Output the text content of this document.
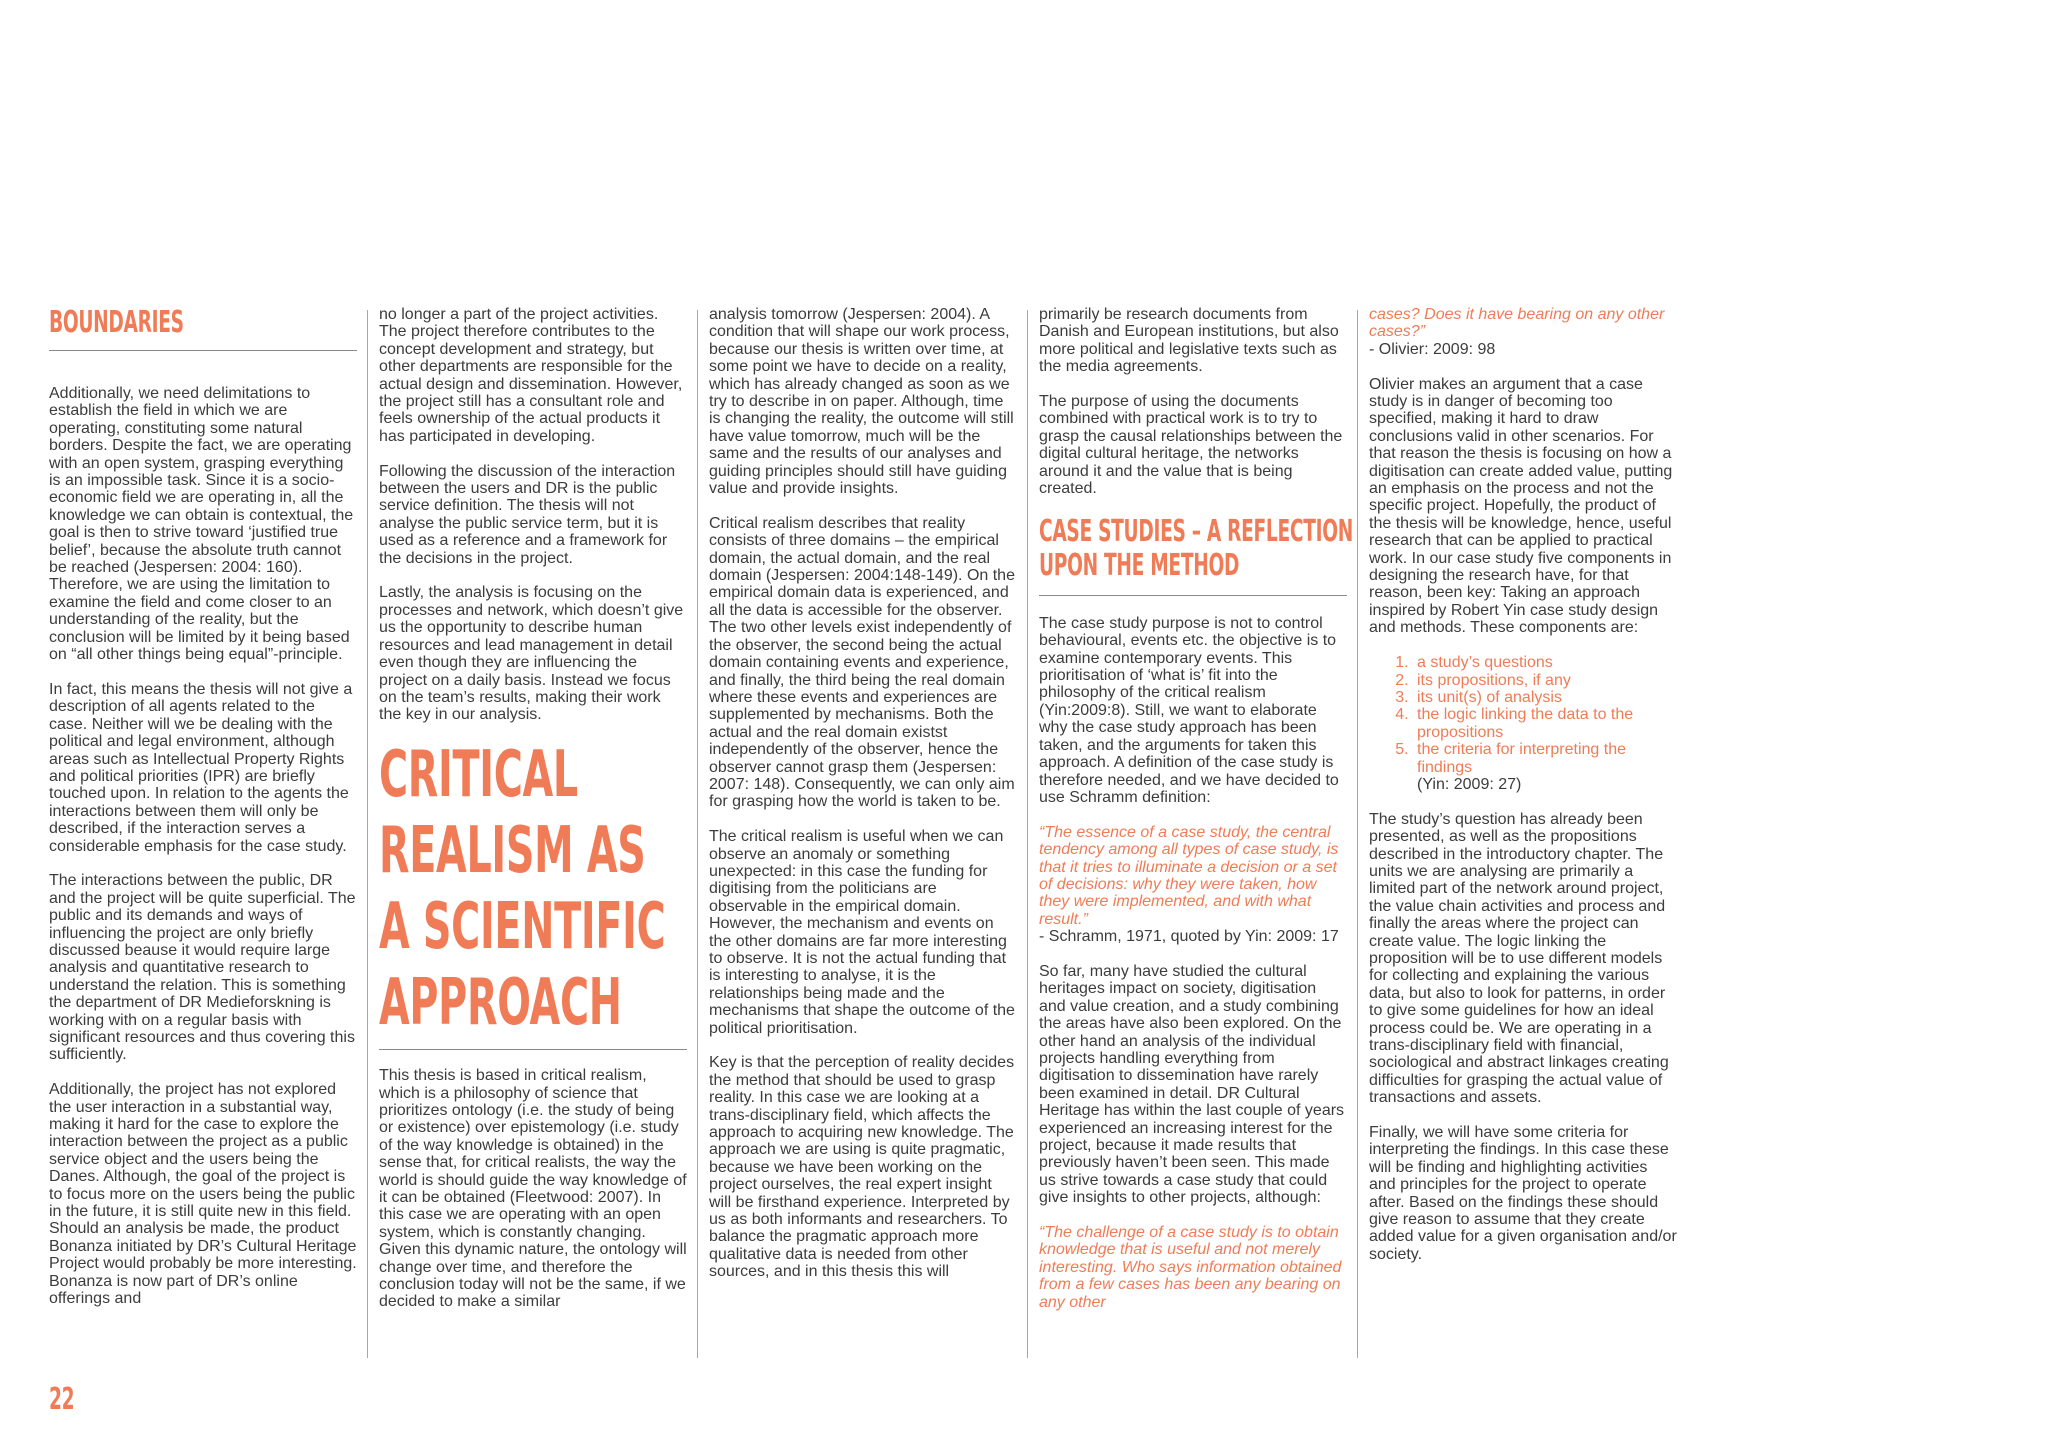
BOUNDARIES

Additionally, we need delimitations to establish the field in which we are operating, constituting some natural borders. Despite the fact, we are operating with an open system, grasping everything is an impossible task. Since it is a socio-economic field we are operating in, all the knowledge we can obtain is contextual, the goal is then to strive toward ‘justified true belief’, because the absolute truth cannot be reached (Jespersen: 2004: 160). Therefore, we are using the limitation to examine the field and come closer to an understanding of the reality, but the conclusion will be limited by it being based on “all other things being equal”-principle.

In fact, this means the thesis will not give a description of all agents related to the case. Neither will we be dealing with the political and legal environment, although areas such as Intellectual Property Rights and political priorities (IPR) are briefly touched upon. In relation to the agents the interactions between them will only be described, if the interaction serves a considerable emphasis for the case study.

The interactions between the public, DR and the project will be quite superficial. The public and its demands and ways of influencing the project are only briefly discussed beause it would require large analysis and quantitative research to understand the relation. This is something the department of DR Medieforskning is working with on a regular basis with significant resources and thus covering this sufficiently.

Additionally, the project has not explored the user interaction in a substantial way, making it hard for the case to explore the interaction between the project as a public service object and the users being the Danes. Although, the goal of the project is to focus more on the users being the public in the future, it is still quite new in this field. Should an analysis be made, the product Bonanza initiated by DR’s Cultural Heritage Project would probably be more interesting. Bonanza is now part of DR’s online offerings and

no longer a part of the project activities. The project therefore contributes to the concept development and strategy, but other departments are responsible for the actual design and dissemination. However, the project still has a consultant role and feels ownership of the actual products it has participated in developing.

Following the discussion of the interaction between the users and DR is the public service definition. The thesis will not analyse the public service term, but it is used as a reference and a framework for the decisions in the project.

Lastly, the analysis is focusing on the processes and network, which doesn’t give us the opportunity to describe human resources and lead management in detail even though they are influencing the project on a daily basis. Instead we focus on the team’s results, making their work the key in our analysis.

CRITICAL
REALISM AS
A SCIENTIFIC
APPROACH

This thesis is based in critical realism, which is a philosophy of science that prioritizes ontology (i.e. the study of being or existence) over epistemology (i.e. study of the way knowledge is obtained) in the sense that, for critical realists, the way the world is should guide the way knowledge of it can be obtained (Fleetwood: 2007). In this case we are operating with an open system, which is constantly changing. Given this dynamic nature, the ontology will change over time, and therefore the conclusion today will not be the same, if we decided to make a similar

analysis tomorrow (Jespersen: 2004). A condition that will shape our work process, because our thesis is written over time, at some point we have to decide on a reality, which has already changed as soon as we try to describe in on paper. Although, time is changing the reality, the outcome will still have value tomorrow, much will be the same and the results of our analyses and guiding principles should still have guiding value and provide insights.

Critical realism describes that reality consists of three domains – the empirical domain, the actual domain, and the real domain (Jespersen: 2004:148-149). On the empirical domain data is experienced, and all the data is accessible for the observer. The two other levels exist independently of the observer, the second being the actual domain containing events and experience, and finally, the third being the real domain where these events and experiences are supplemented by mechanisms. Both the actual and the real domain existst independently of the observer, hence the observer cannot grasp them (Jespersen: 2007: 148). Consequently, we can only aim for grasping how the world is taken to be.

The critical realism is useful when we can observe an anomaly or something unexpected: in this case the funding for digitising from the politicians are observable in the empirical domain. However, the mechanism and events on the other domains are far more interesting to observe. It is not the actual funding that is interesting to analyse, it is the relationships being made and the mechanisms that shape the outcome of the political prioritisation.

Key is that the perception of reality decides the method that should be used to grasp reality. In this case we are looking at a trans-disciplinary field, which affects the approach to acquiring new knowledge. The approach we are using is quite pragmatic, because we have been working on the project ourselves, the real expert insight will be firsthand experience. Interpreted by us as both informants and researchers. To balance the pragmatic approach more qualitative data is needed from other sources, and in this thesis this will

primarily be research documents from Danish and European institutions, but also more political and legislative texts such as the media agreements.

The purpose of using the documents combined with practical work is to try to grasp the causal relationships between the digital cultural heritage, the networks around it and the value that is being created.

CASE STUDIES – A REFLECTION
UPON THE METHOD

The case study purpose is not to control behavioural, events etc. the objective is to examine contemporary events. This prioritisation of ‘what is’ fit into the philosophy of the critical realism (Yin:2009:8). Still, we want to elaborate why the case study approach has been taken, and the arguments for taken this approach. A definition of the case study is therefore needed, and we have decided to use Schramm definition:

“The essence of a case study, the central tendency among all types of case study, is that it tries to illuminate a decision or a set of decisions: why they were taken, how they were implemented, and with what result.”
- Schramm, 1971, quoted by Yin: 2009: 17

So far, many have studied the cultural heritages impact on society, digitisation and value creation, and a study combining the areas have also been explored. On the other hand an analysis of the individual projects handling everything from digitisation to dissemination have rarely been examined in detail. DR Cultural Heritage has within the last couple of years experienced an increasing interest for the project, because it made results that previously haven’t been seen. This made us strive towards a case study that could give insights to other projects, although:

“The challenge of a case study is to obtain knowledge that is useful and not merely interesting. Who says information obtained from a few cases has been any bearing on any other
cases? Does it have bearing on any other cases?”
- Olivier: 2009: 98

Olivier makes an argument that a case study is in danger of becoming too specified, making it hard to draw conclusions valid in other scenarios. For that reason the thesis is focusing on how a digitisation can create added value, putting an emphasis on the process and not the specific project. Hopefully, the product of the thesis will be knowledge, hence, useful research that can be applied to practical work. In our case study five components in designing the research have, for that reason, been key: Taking an approach inspired by Robert Yin case study design and methods. These components are:

1. a study’s questions
2. its propositions, if any
3. its unit(s) of analysis
4. the logic linking the data to the propositions
5. the criteria for interpreting the findings
(Yin: 2009: 27)

The study’s question has already been presented, as well as the propositions described in the introductory chapter. The units we are analysing are primarily a limited part of the network around project, the value chain activities and process and finally the areas where the project can create value. The logic linking the proposition will be to use different models for collecting and explaining the various data, but also to look for patterns, in order to give some guidelines for how an ideal process could be. We are operating in a trans-disciplinary field with financial, sociological and abstract linkages creating difficulties for grasping the actual value of transactions and assets.

Finally, we will have some criteria for interpreting the findings. In this case these will be finding and highlighting activities and principles for the project to operate after. Based on the findings these should give reason to assume that they create added value for a given organisation and/or society.

22
